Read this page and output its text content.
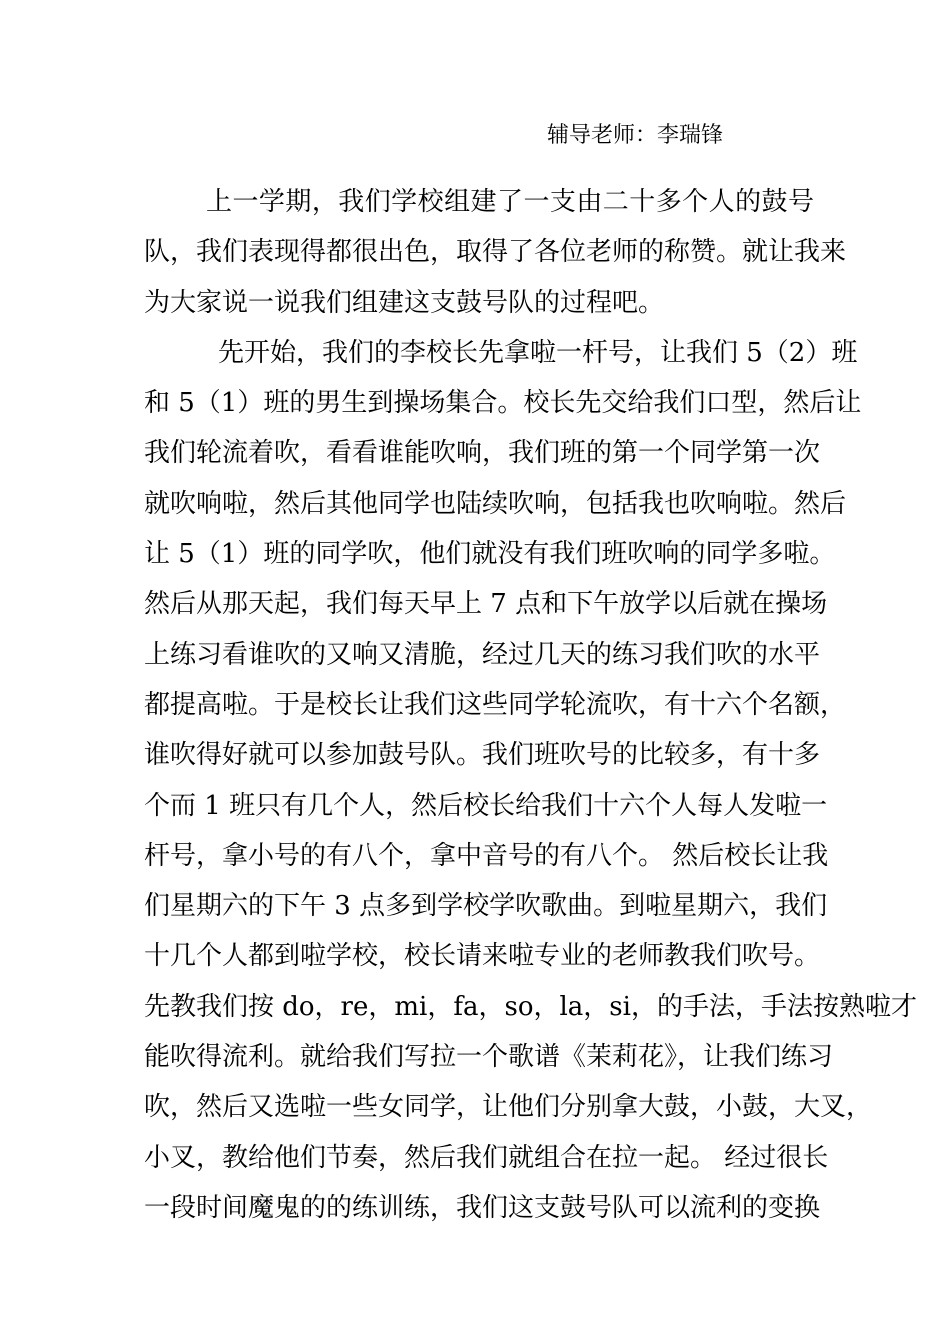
辅导老师：李瑞锋
上一学期，我们学校组建了一支由二十多个人的鼓号
队，我们表现得都很出色，取得了各位老师的称赞。就让我来
为大家说一说我们组建这支鼓号队的过程吧。
先开始，我们的李校长先拿啦一杆号，让我们 5（2）班
和 5（1）班的男生到操场集合。校长先交给我们口型，然后让
我们轮流着吹，看看谁能吹响，我们班的第一个同学第一次
就吹响啦，然后其他同学也陆续吹响，包括我也吹响啦。然后
让 5（1）班的同学吹，他们就没有我们班吹响的同学多啦。
然后从那天起，我们每天早上 7 点和下午放学以后就在操场
上练习看谁吹的又响又清脆，经过几天的练习我们吹的水平
都提高啦。于是校长让我们这些同学轮流吹，有十六个名额，
谁吹得好就可以参加鼓号队。我们班吹号的比较多，有十多
个而 1 班只有几个人，然后校长给我们十六个人每人发啦一
杆号，拿小号的有八个，拿中音号的有八个。 然后校长让我
们星期六的下午 3 点多到学校学吹歌曲。到啦星期六，我们
十几个人都到啦学校，校长请来啦专业的老师教我们吹号。
先教我们按 do，re，mi，fa，so，la，si，的手法，手法按熟啦才
能吹得流利。就给我们写拉一个歌谱《茉莉花》，让我们练习
吹，然后又选啦一些女同学，让他们分别拿大鼓，小鼓，大叉，
小叉，教给他们节奏，然后我们就组合在拉一起。 经过很长
一段时间魔鬼的的练训练，我们这支鼓号队可以流利的变换
